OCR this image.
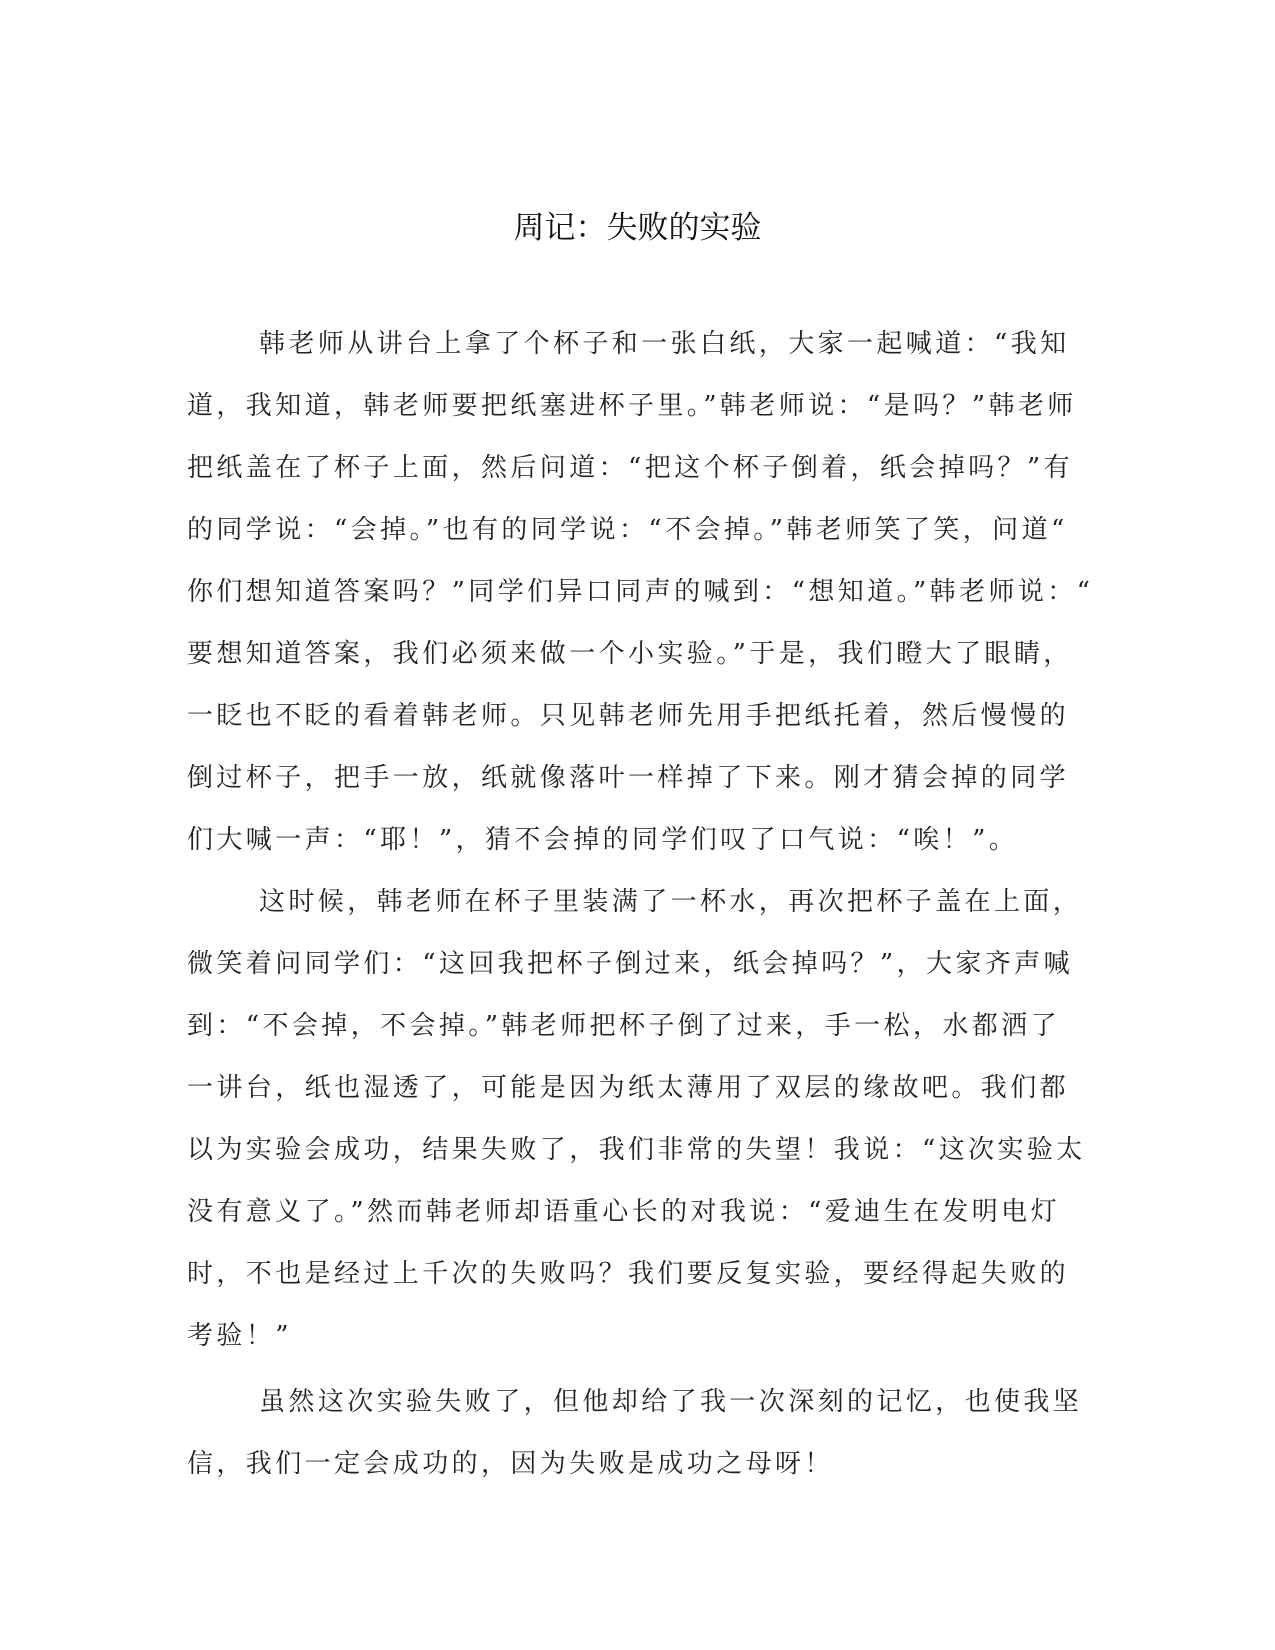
周记：失败的实验
韩老师从讲台上拿了个杯子和一张白纸，大家一起喊道：“我知
道，我知道，韩老师要把纸塞进杯子里。”韩老师说：“是吗？”韩老师
把纸盖在了杯子上面，然后问道：“把这个杯子倒着，纸会掉吗？”有
的同学说：“会掉。”也有的同学说：“不会掉。”韩老师笑了笑，问道“
你们想知道答案吗？”同学们异口同声的喊到：“想知道。”韩老师说：“
要想知道答案，我们必须来做一个小实验。”于是，我们瞪大了眼睛，
一眨也不眨的看着韩老师。只见韩老师先用手把纸托着，然后慢慢的
倒过杯子，把手一放，纸就像落叶一样掉了下来。刚才猜会掉的同学
们大喊一声：“耶！”，猜不会掉的同学们叹了口气说：“唉！”。
这时候，韩老师在杯子里装满了一杯水，再次把杯子盖在上面，
微笑着问同学们：“这回我把杯子倒过来，纸会掉吗？”，大家齐声喊
到：“不会掉，不会掉。”韩老师把杯子倒了过来，手一松，水都洒了
一讲台，纸也湿透了，可能是因为纸太薄用了双层的缘故吧。我们都
以为实验会成功，结果失败了，我们非常的失望！我说：“这次实验太
没有意义了。”然而韩老师却语重心长的对我说：“爱迪生在发明电灯
时，不也是经过上千次的失败吗？我们要反复实验，要经得起失败的
考验！”
虽然这次实验失败了，但他却给了我一次深刻的记忆，也使我坚
信，我们一定会成功的，因为失败是成功之母呀！
